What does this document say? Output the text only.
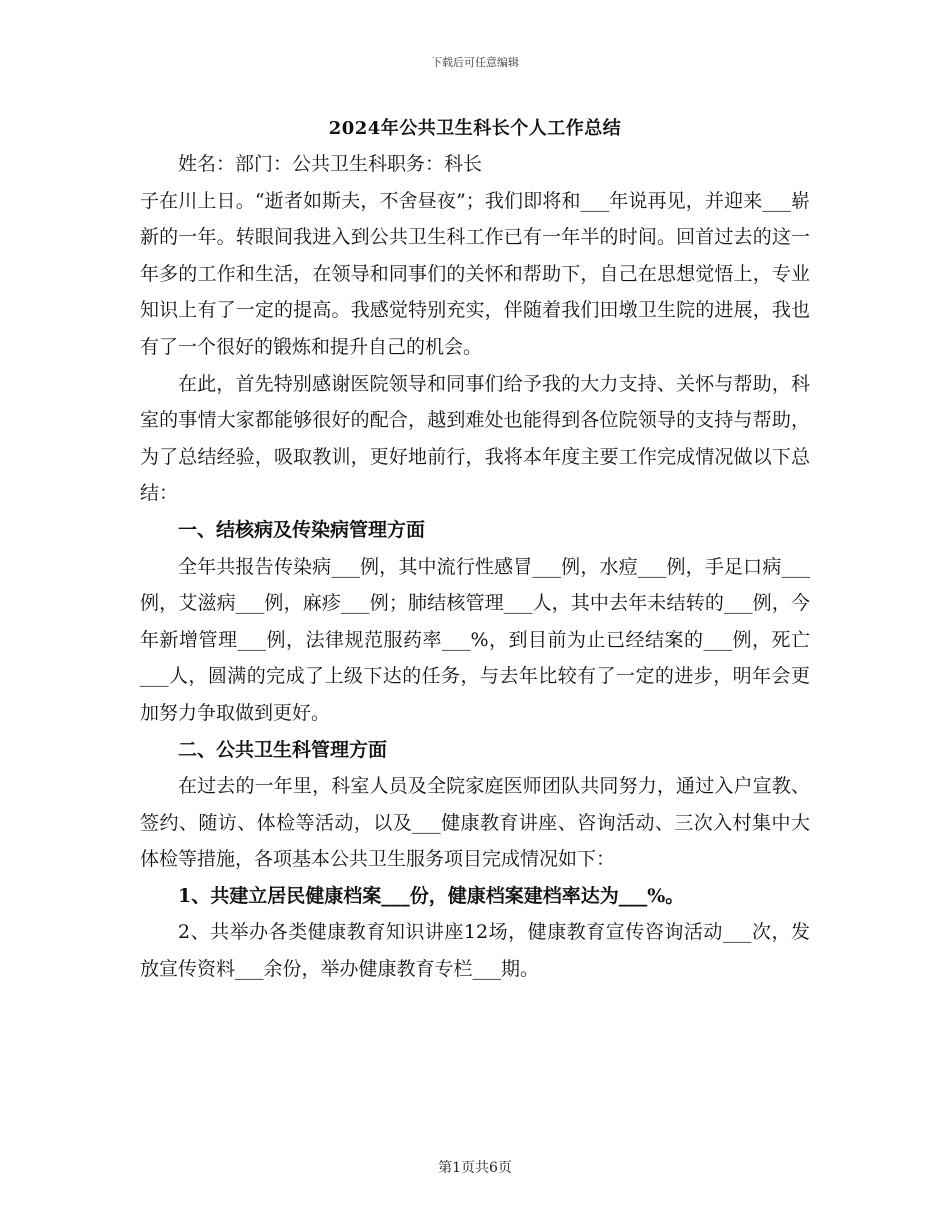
下载后可任意编辑
2024年公共卫生科长个人工作总结

姓名：部门：公共卫生科职务：科长

子在川上日。“逝者如斯夫，不舍昼夜”；我们即将和___年说再见，并迎来___崭新的一年。转眼间我进入到公共卫生科工作已有一年半的时间。回首过去的这一年多的工作和生活，在领导和同事们的关怀和帮助下，自己在思想觉悟上，专业知识上有了一定的提高。我感觉特别充实，伴随着我们田墩卫生院的进展，我也有了一个很好的锻炼和提升自己的机会。

在此，首先特别感谢医院领导和同事们给予我的大力支持、关怀与帮助，科室的事情大家都能够很好的配合，越到难处也能得到各位院领导的支持与帮助，为了总结经验，吸取教训，更好地前行，我将本年度主要工作完成情况做以下总结：

一、结核病及传染病管理方面

全年共报告传染病___例，其中流行性感冒___例，水痘___例，手足口病___例，艾滋病___例，麻疹___例；肺结核管理___人，其中去年未结转的___例，今年新增管理___例，法律规范服药率___%，到目前为止已经结案的___例，死亡___人，圆满的完成了上级下达的任务，与去年比较有了一定的进步，明年会更加努力争取做到更好。

二、公共卫生科管理方面

在过去的一年里，科室人员及全院家庭医师团队共同努力，通过入户宣教、签约、随访、体检等活动，以及___健康教育讲座、咨询活动、三次入村集中大体检等措施，各项基本公共卫生服务项目完成情况如下：

1、共建立居民健康档案___份，健康档案建档率达为___%。

2、共举办各类健康教育知识讲座12场，健康教育宣传咨询活动___次，发放宣传资料___余份，举办健康教育专栏___期。

第1页共6页
